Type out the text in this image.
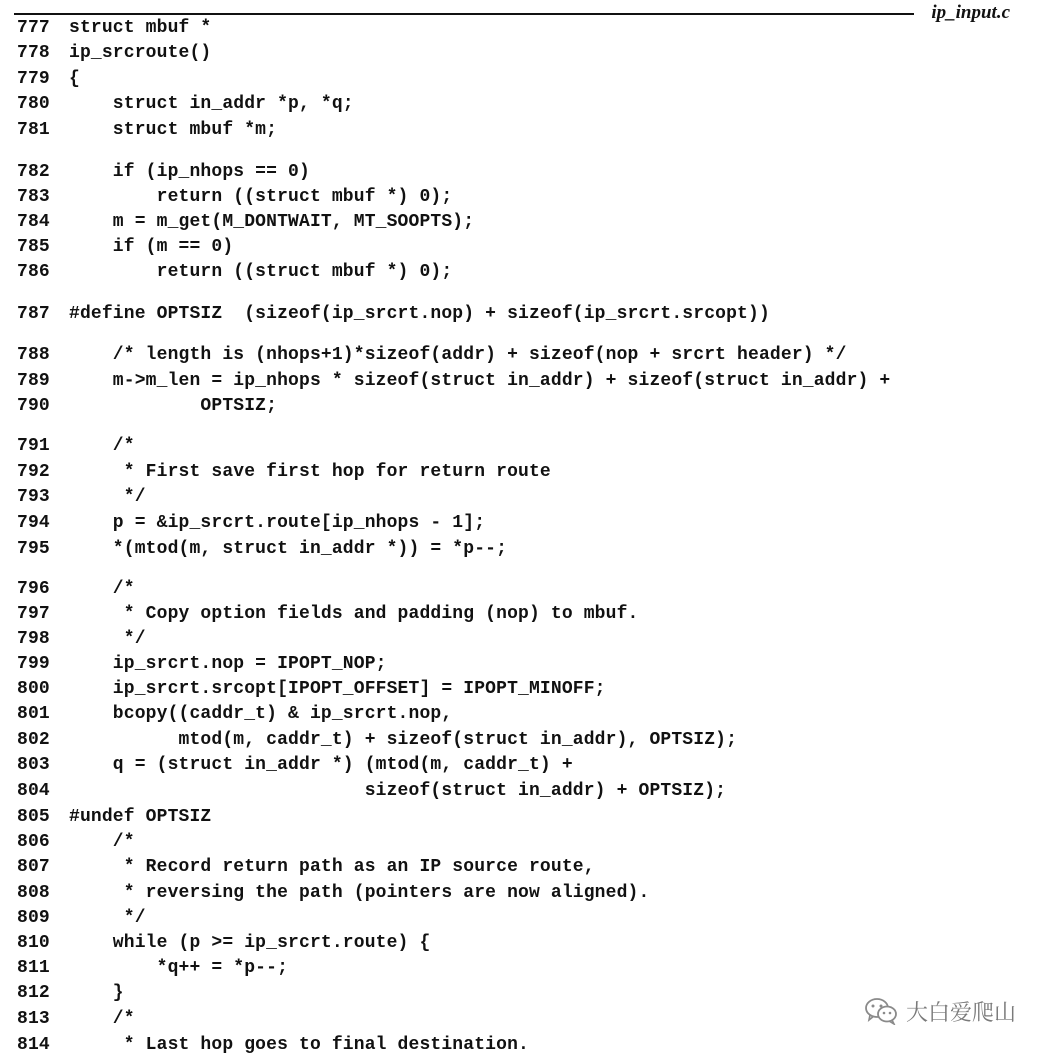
ip_input.c
777 struct mbuf *
778 ip_srcroute()
779 {
780    struct in_addr *p, *q;
781    struct mbuf *m;
782    if (ip_nhops == 0)
783        return ((struct mbuf *) 0);
784    m = m_get(M_DONTWAIT, MT_SOOPTS);
785    if (m == 0)
786        return ((struct mbuf *) 0);
787 #define OPTSIZ  (sizeof(ip_srcrt.nop) + sizeof(ip_srcrt.srcopt))
788    /* length is (nhops+1)*sizeof(addr) + sizeof(nop + srcrt header) */
789    m->m_len = ip_nhops * sizeof(struct in_addr) + sizeof(struct in_addr) +
790            OPTSIZ;
791    /*
792     * First save first hop for return route
793     */
794    p = &ip_srcrt.route[ip_nhops - 1];
795    *(mtod(m, struct in_addr *)) = *p--;
796    /*
797     * Copy option fields and padding (nop) to mbuf.
798     */
799    ip_srcrt.nop = IPOPT_NOP;
800    ip_srcrt.srcopt[IPOPT_OFFSET] = IPOPT_MINOFF;
801    bcopy((caddr_t) & ip_srcrt.nop,
802          mtod(m, caddr_t) + sizeof(struct in_addr), OPTSIZ);
803    q = (struct in_addr *) (mtod(m, caddr_t) +
804                           sizeof(struct in_addr) + OPTSIZ);
805 #undef OPTSIZ
806    /*
807     * Record return path as an IP source route,
808     * reversing the path (pointers are now aligned).
809     */
810    while (p >= ip_srcrt.route) {
811        *q++ = *p--;
812    }
813    /*
814     * Last hop goes to final destination.
大白爱爬山
